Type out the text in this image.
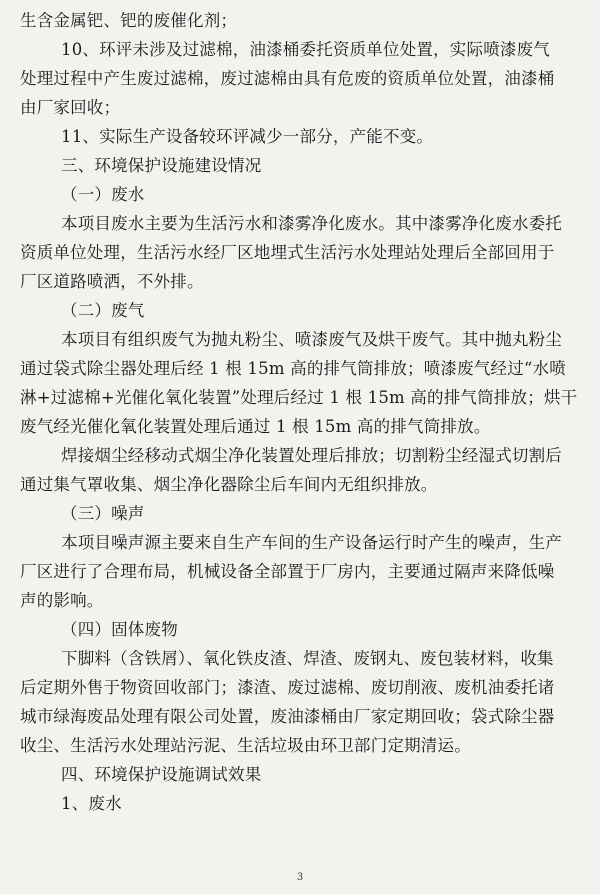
生含金属钯、钯的废催化剂；
10、环评未涉及过滤棉，油漆桶委托资质单位处置，实际喷漆废气
处理过程中产生废过滤棉，废过滤棉由具有危废的资质单位处置，油漆桶
由厂家回收；
11、实际生产设备较环评减少一部分，产能不变。
三、环境保护设施建设情况
（一）废水
本项目废水主要为生活污水和漆雾净化废水。其中漆雾净化废水委托
资质单位处理，生活污水经厂区地埋式生活污水处理站处理后全部回用于
厂区道路喷洒，不外排。
（二）废气
本项目有组织废气为抛丸粉尘、喷漆废气及烘干废气。其中抛丸粉尘
通过袋式除尘器处理后经 1 根 15m 高的排气筒排放；喷漆废气经过“水喷
淋+过滤棉+光催化氧化装置”处理后经过 1 根 15m 高的排气筒排放；烘干
废气经光催化氧化装置处理后通过 1 根 15m 高的排气筒排放。
焊接烟尘经移动式烟尘净化装置处理后排放；切割粉尘经湿式切割后
通过集气罩收集、烟尘净化器除尘后车间内无组织排放。
（三）噪声
本项目噪声源主要来自生产车间的生产设备运行时产生的噪声，生产
厂区进行了合理布局，机械设备全部置于厂房内，主要通过隔声来降低噪
声的影响。
（四）固体废物
下脚料（含铁屑）、氧化铁皮渣、焊渣、废钢丸、废包装材料，收集
后定期外售于物资回收部门；漆渣、废过滤棉、废切削液、废机油委托诸
城市绿海废品处理有限公司处置，废油漆桶由厂家定期回收；袋式除尘器
收尘、生活污水处理站污泥、生活垃圾由环卫部门定期清运。
四、环境保护设施调试效果
1、废水
3
